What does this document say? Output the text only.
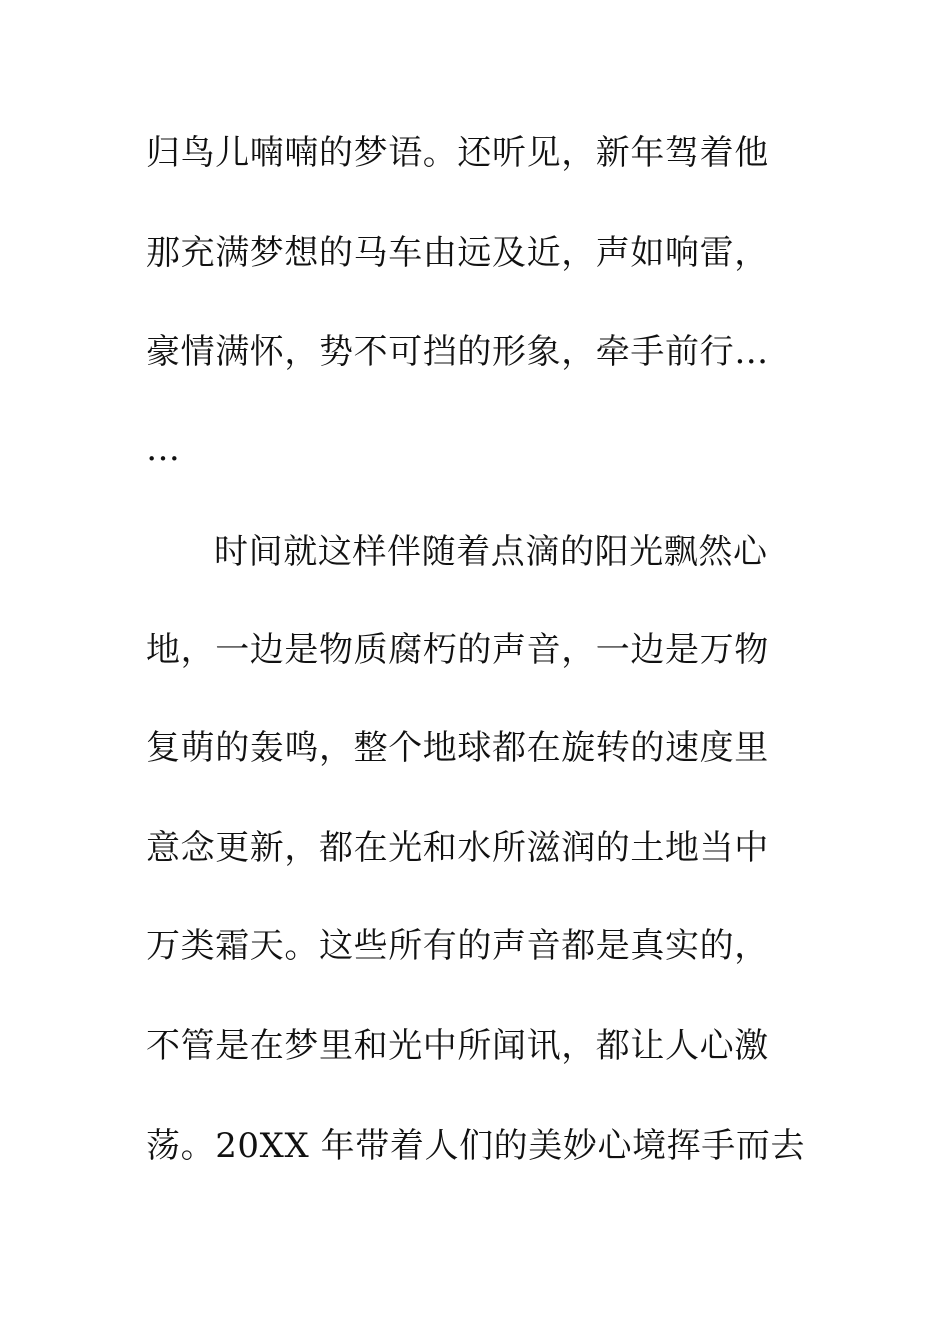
归鸟儿喃喃的梦语。还听见，新年驾着他
那充满梦想的马车由远及近，声如响雷，
豪情满怀，势不可挡的形象，牵手前行…
…
时间就这样伴随着点滴的阳光飘然心
地，一边是物质腐朽的声音，一边是万物
复萌的轰鸣，整个地球都在旋转的速度里
意念更新，都在光和水所滋润的土地当中
万类霜天。这些所有的声音都是真实的，
不管是在梦里和光中所闻讯，都让人心激
荡。20XX 年带着人们的美妙心境挥手而去
